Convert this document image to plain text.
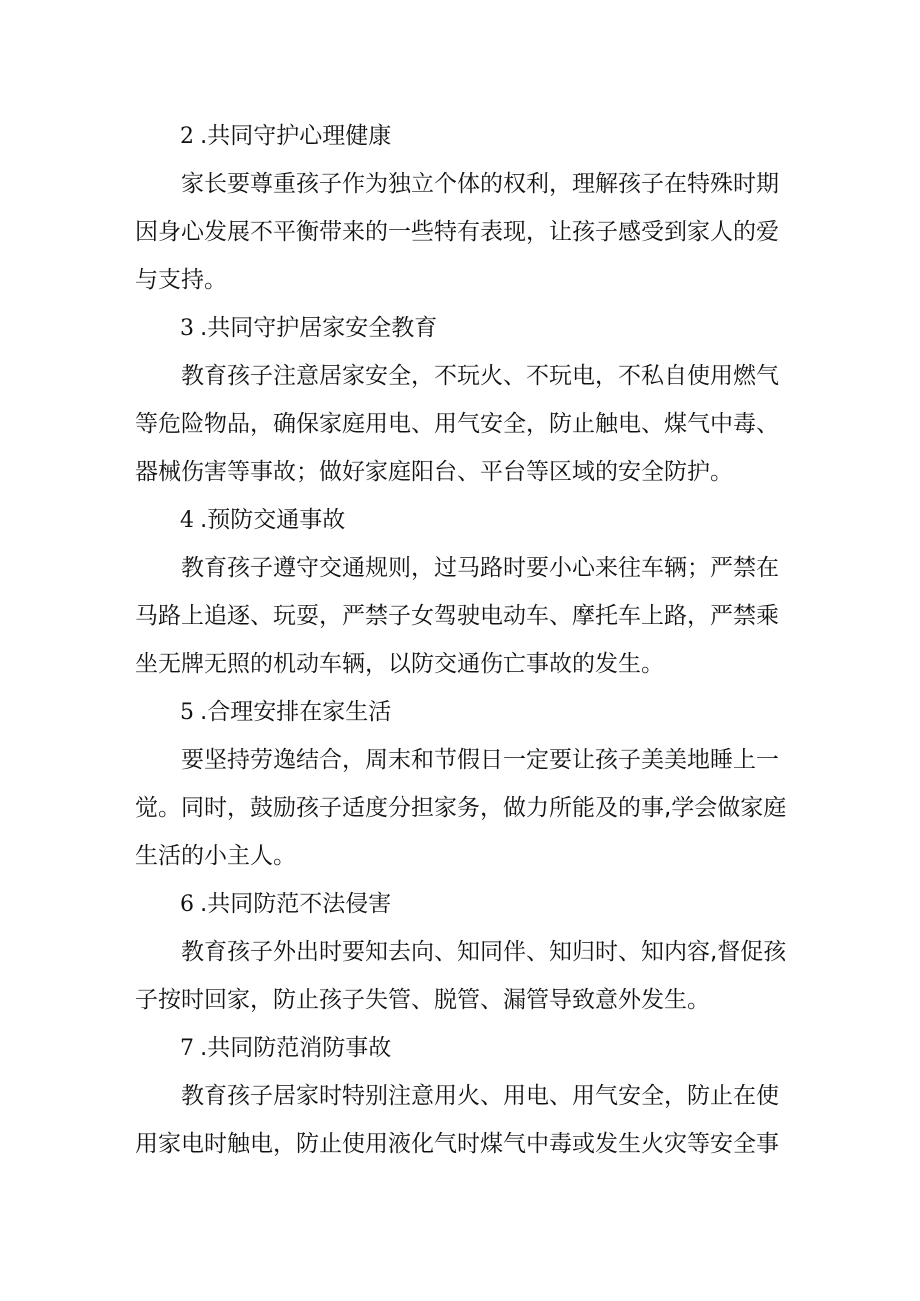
2 .共同守护心理健康

家长要尊重孩子作为独立个体的权利，理解孩子在特殊时期因身心发展不平衡带来的一些特有表现，让孩子感受到家人的爱与支持。

3 .共同守护居家安全教育

教育孩子注意居家安全，不玩火、不玩电，不私自使用燃气等危险物品，确保家庭用电、用气安全，防止触电、煤气中毒、器械伤害等事故；做好家庭阳台、平台等区域的安全防护。

4 .预防交通事故

教育孩子遵守交通规则，过马路时要小心来往车辆；严禁在马路上追逐、玩耍，严禁子女驾驶电动车、摩托车上路，严禁乘坐无牌无照的机动车辆，以防交通伤亡事故的发生。

5 .合理安排在家生活

要坚持劳逸结合，周末和节假日一定要让孩子美美地睡上一觉。同时，鼓励孩子适度分担家务，做力所能及的事,学会做家庭生活的小主人。

6 .共同防范不法侵害

教育孩子外出时要知去向、知同伴、知归时、知内容,督促孩子按时回家，防止孩子失管、脱管、漏管导致意外发生。

7 .共同防范消防事故

教育孩子居家时特别注意用火、用电、用气安全，防止在使用家电时触电，防止使用液化气时煤气中毒或发生火灾等安全事
